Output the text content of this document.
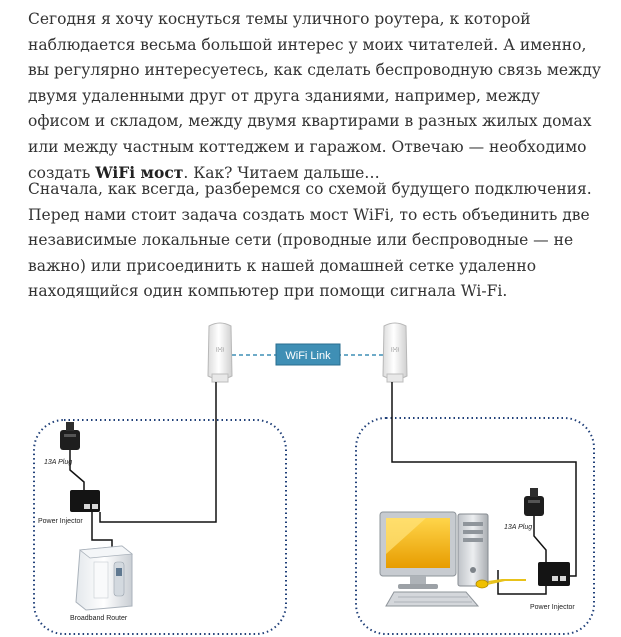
Сегодня я хочу коснуться темы уличного роутера, к которой наблюдается весьма большой интерес у моих читателей. А именно, вы регулярно интересуетесь, как сделать беспроводную связь между двумя удаленными друг от друга зданиями, например, между офисом и складом, между двумя квартирами в разных жилых домах или между частным коттеджем и гаражом. Отвечаю — необходимо создать WiFi мост. Как? Читаем дальше…

Сначала, как всегда, разберемся со схемой будущего подключения. Перед нами стоит задача создать мост WiFi, то есть объединить две независимые локальные сети (проводные или беспроводные — не важно) или присоединить к нашей домашней сетке удаленно находящийся один компьютер при помощи сигнала Wi-Fi.

WiFi Link
((•))	((•))
13A Plug
Power Injector
Broadband Router
13A Plug
Power Injector
